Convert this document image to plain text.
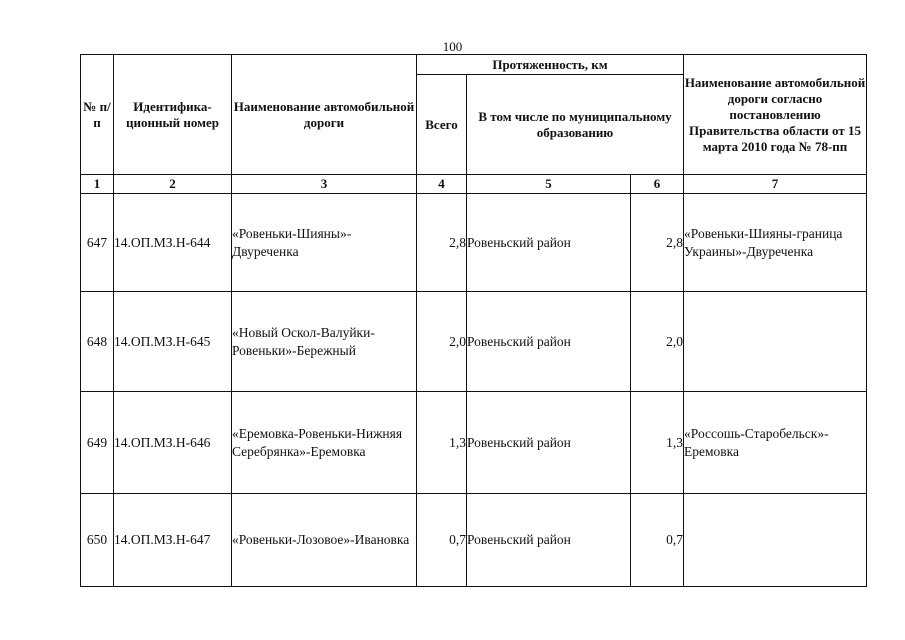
100
№ п/п	Идентифика-ционный номер	Наименование автомобильной дороги	Протяженность, км			Наименование автомобильной дороги согласно постановлению Правительства области от 15 марта 2010 года № 78-пп
			Всего	В том числе по муниципальному образованию		
1	2	3	4	5	6	7
647	14.ОП.МЗ.Н-644	«Ровеньки-Шияны»-Двуреченка	2,8	Ровеньский район	2,8	«Ровеньки-Шияны-граница Украины»-Двуреченка
648	14.ОП.МЗ.Н-645	«Новый Оскол-Валуйки-Ровеньки»-Бережный	2,0	Ровеньский район	2,0	
649	14.ОП.МЗ.Н-646	«Еремовка-Ровеньки-Нижняя Серебрянка»-Еремовка	1,3	Ровеньский район	1,3	«Россошь-Старобельск»-Еремовка
650	14.ОП.МЗ.Н-647	«Ровеньки-Лозовое»-Ивановка	0,7	Ровеньский район	0,7	
